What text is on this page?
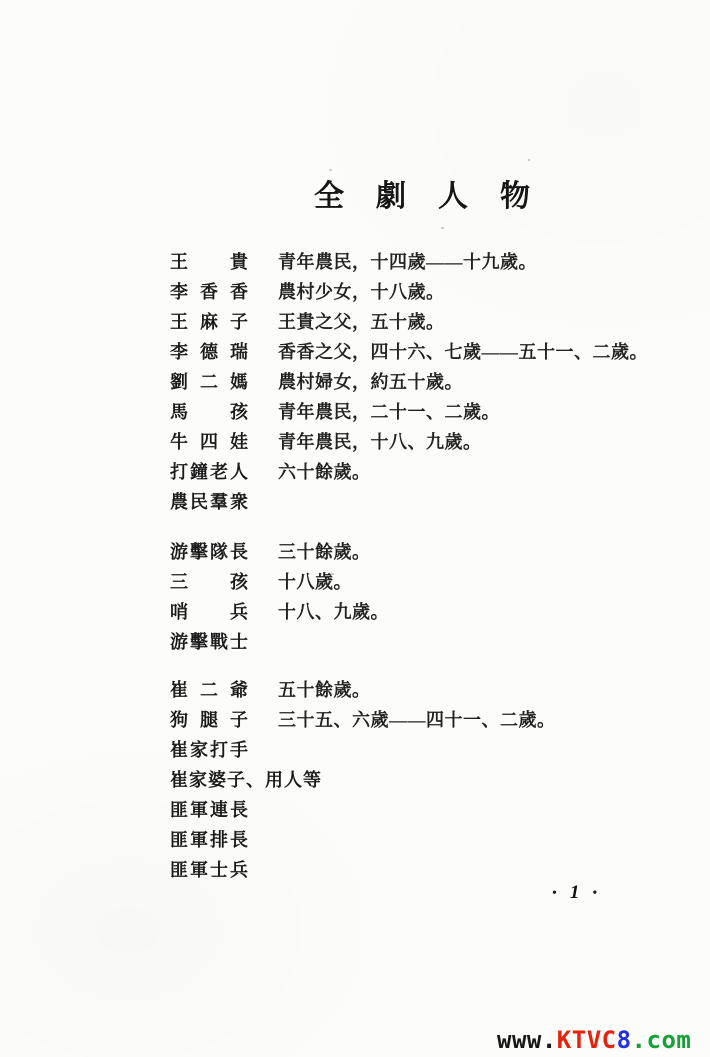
全　劇　人　物
王貴 青年農民，十四歲——十九歲。
李香香 農村少女，十八歲。
王麻子 王貴之父，五十歲。
李德瑞 香香之父，四十六、七歲——五十一、二歲。
劉二媽 農村婦女，約五十歲。
馬孩 青年農民，二十一、二歲。
牛四娃 青年農民，十八、九歲。
打鐘老人 六十餘歲。
農民羣衆
游擊隊長 三十餘歲。
三孩 十八歲。
哨兵 十八、九歲。
游擊戰士
崔二爺 五十餘歲。
狗腿子 三十五、六歲——四十一、二歲。
崔家打手
崔家婆子、用人等
匪軍連長
匪軍排長
匪軍士兵
• 1 •
www.KTVC8.com
